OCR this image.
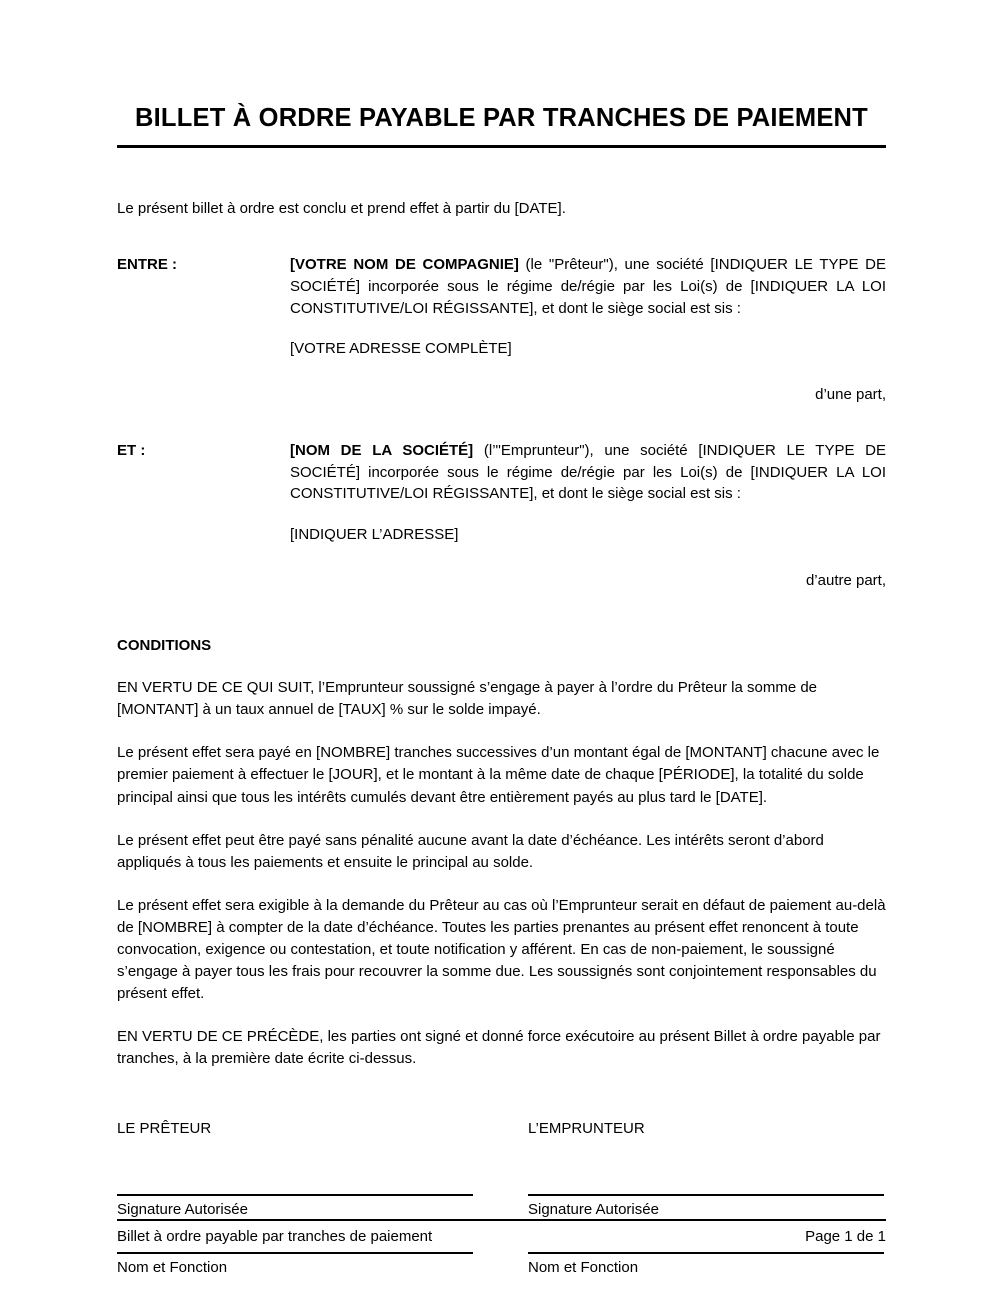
BILLET À ORDRE PAYABLE PAR TRANCHES DE PAIEMENT

Le présent billet à ordre est conclu et prend effet à partir du [DATE].

ENTRE :	[VOTRE NOM DE COMPAGNIE] (le "Prêteur"), une société [INDIQUER LE TYPE DE SOCIÉTÉ] incorporée sous le régime de/régie par les Loi(s) de [INDIQUER LA LOI CONSTITUTIVE/LOI RÉGISSANTE], et dont le siège social est sis :

[VOTRE ADRESSE COMPLÈTE]

d’une part,
ET :	[NOM DE LA SOCIÉTÉ] (l’"Emprunteur"), une société [INDIQUER LE TYPE DE SOCIÉTÉ] incorporée sous le régime de/régie par les Loi(s) de [INDIQUER LA LOI CONSTITUTIVE/LOI RÉGISSANTE], et dont le siège social est sis :

[INDIQUER L’ADRESSE]

d’autre part,
CONDITIONS

EN VERTU DE CE QUI SUIT, l’Emprunteur soussigné s’engage à payer à l’ordre du Prêteur la somme de [MONTANT] à un taux annuel de [TAUX] % sur le solde impayé.

Le présent effet sera payé en [NOMBRE] tranches successives d’un montant égal de [MONTANT] chacune avec le premier paiement à effectuer le [JOUR], et le montant à la même date de chaque [PÉRIODE], la totalité du solde principal ainsi que tous les intérêts cumulés devant être entièrement payés au plus tard le [DATE].

Le présent effet peut être payé sans pénalité aucune avant la date d’échéance. Les intérêts seront d’abord appliqués à tous les paiements et ensuite le principal au solde.

Le présent effet sera exigible à la demande du Prêteur au cas où l’Emprunteur serait en défaut de paiement au-delà de [NOMBRE] à compter de la date d’échéance. Toutes les parties prenantes au présent effet renoncent à toute convocation, exigence ou contestation, et toute notification y afférent. En cas de non-paiement, le soussigné s’engage à payer tous les frais pour recouvrer la somme due. Les soussignés sont conjointement responsables du présent effet.

EN VERTU DE CE PRÉCÈDE, les parties ont signé et donné force exécutoire au présent Billet à ordre payable par tranches, à la première date écrite ci-dessus.

LE PRÊTEUR	L’EMPRUNTEUR
Signature Autorisée	Signature Autorisée
Nom et Fonction	Nom et Fonction
Billet à ordre payable par tranches de paiement	Page 1 de 1
